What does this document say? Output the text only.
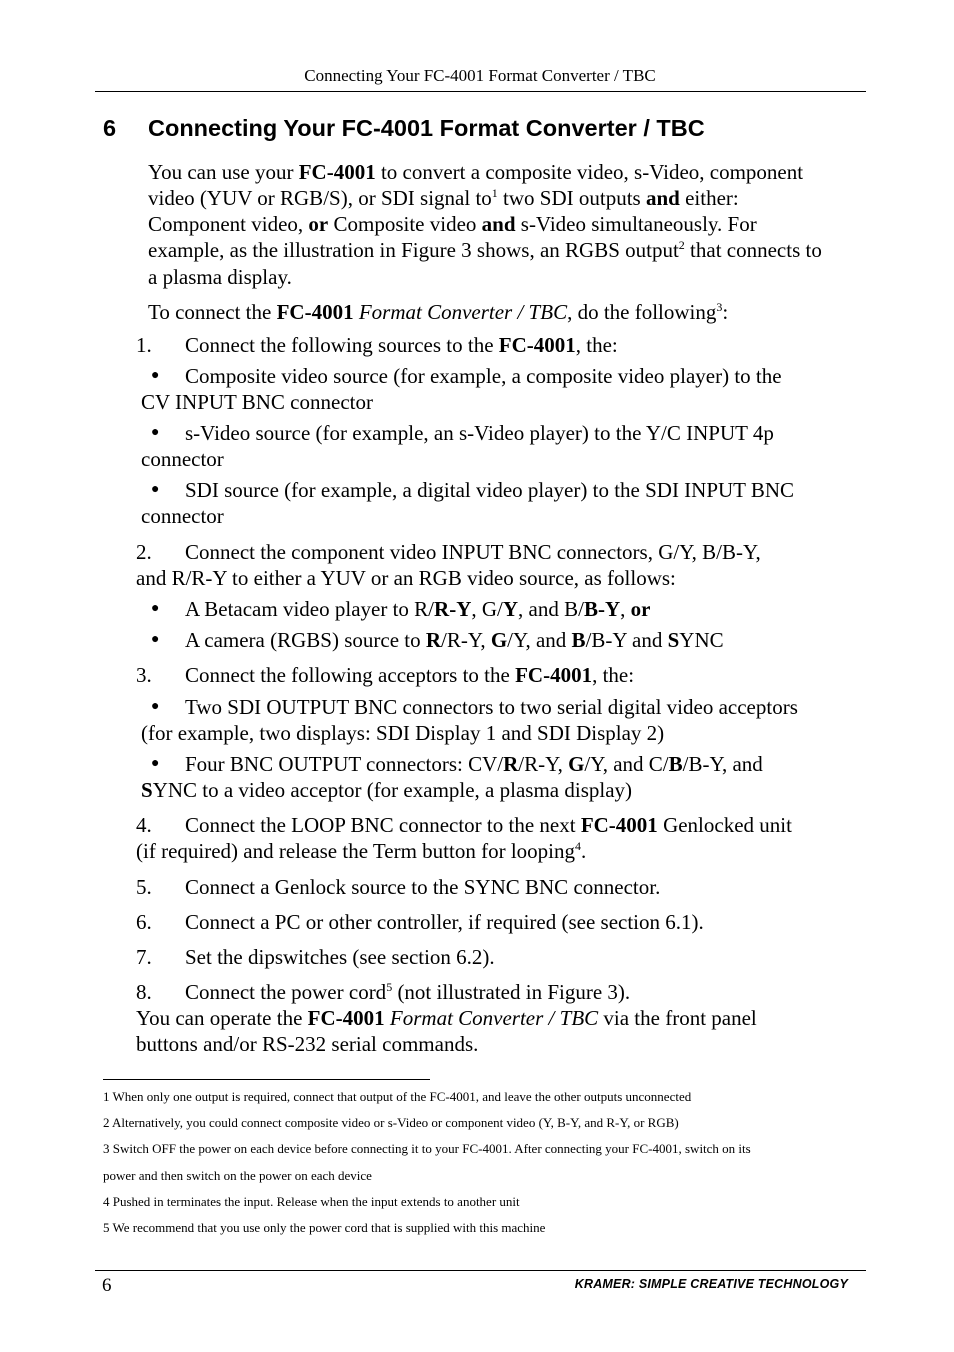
Connecting Your FC-4001 Format Converter / TBC
6 Connecting Your FC-4001 Format Converter / TBC
You can use your FC-4001 to convert a composite video, s-Video, component
video (YUV or RGB/S), or SDI signal $to^1$ two SDI outputs and either:
Component video, or Composite video and s-Video simultaneously. For
example, as the illustration in Figure 3 shows, an RGBS output$^2$ that connects to
a plasma display.
To connect the FC-4001 Format Converter / TBC, do the following$^3$:
1. Connect the following sources to the FC-4001, the:
● Composite video source (for example, a composite video player) to the
CV INPUT BNC connector
● s-Video source (for example, an s-Video player) to the Y/C INPUT 4p
connector
● SDI source (for example, a digital video player) to the SDI INPUT BNC
connector
2. Connect the component video INPUT BNC connectors, G/Y, B/B-Y,
and R/R-Y to either a YUV or an RGB video source, as follows:
● A Betacam video player to R/R-Y, G/Y, and B/B-Y, or
● A camera (RGBS) source to R/R-Y, G/Y, and B/B-Y and SYNC
3. Connect the following acceptors to the FC-4001, the:
● Two SDI OUTPUT BNC connectors to two serial digital video acceptors
(for example, two displays: SDI Display 1 and SDI Display 2)
● Four BNC OUTPUT connectors: CV/R/R-Y, G/Y, and C/B/B-Y, and
SYNC to a video acceptor (for example, a plasma display)
4. Connect the LOOP BNC connector to the next FC-4001 Genlocked unit
(if required) and release the Term button for looping$^4$.
5. Connect a Genlock source to the SYNC BNC connector.
6. Connect a PC or other controller, if required (see section 6.1).
7. Set the dipswitches (see section 6.2).
8. Connect the power cord$^5$ (not illustrated in Figure 3).
You can operate the FC-4001 Format Converter / TBC via the front panel
buttons and/or RS-232 serial commands.
1 When only one output is required, connect that output of the FC-4001, and leave the other outputs unconnected
2 Alternatively, you could connect composite video or s-Video or component video (Y, B-Y, and R-Y, or RGB)
3 Switch OFF the power on each device before connecting it to your FC-4001. After connecting your FC-4001, switch on its
power and then switch on the power on each device
4 Pushed in terminates the input. Release when the input extends to another unit
5 We recommend that you use only the power cord that is supplied with this machine
6	KRAMER: SIMPLE CREATIVE TECHNOLOGY
